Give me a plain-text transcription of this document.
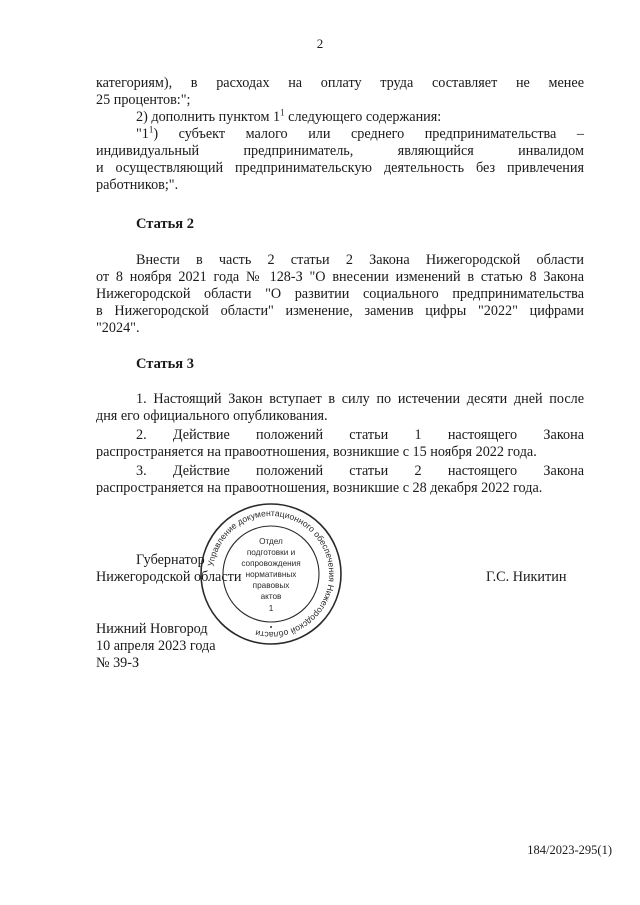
2

категориям), в расходах на оплату труда составляет не менее

25 процентов:";

2) дополнить пунктом $1^1$ следующего содержания:

"$1^1$) субъект малого или среднего предпринимательства –

индивидуальный предприниматель, являющийся инвалидом

и осуществляющий предпринимательскую деятельность без привлечения

работников;".

Статья 2

Внести в часть 2 статьи 2 Закона Нижегородской области

от 8 ноября 2021 года № 128-З "О внесении изменений в статью 8 Закона

Нижегородской области "О развитии социального предпринимательства

в Нижегородской области" изменение, заменив цифры "2022" цифрами

"2024".

Статья 3

1. Настоящий Закон вступает в силу по истечении десяти дней после

дня его официального опубликования.

2. Действие положений статьи 1 настоящего Закона

распространяется на правоотношения, возникшие с 15 ноября 2022 года.

3. Действие положений статьи 2 настоящего Закона

распространяется на правоотношения, возникшие с 28 декабря 2022 года.

Губернатор

Нижегородской области	Г.С. Никитин
Управление документационного обеспечения Нижегородской области
Отдел
подготовки и
сопровождения
нормативных
правовых
актов
1
•

Нижний Новгород

10 апреля 2023 года

№ 39-З

184/2023-295(1)
